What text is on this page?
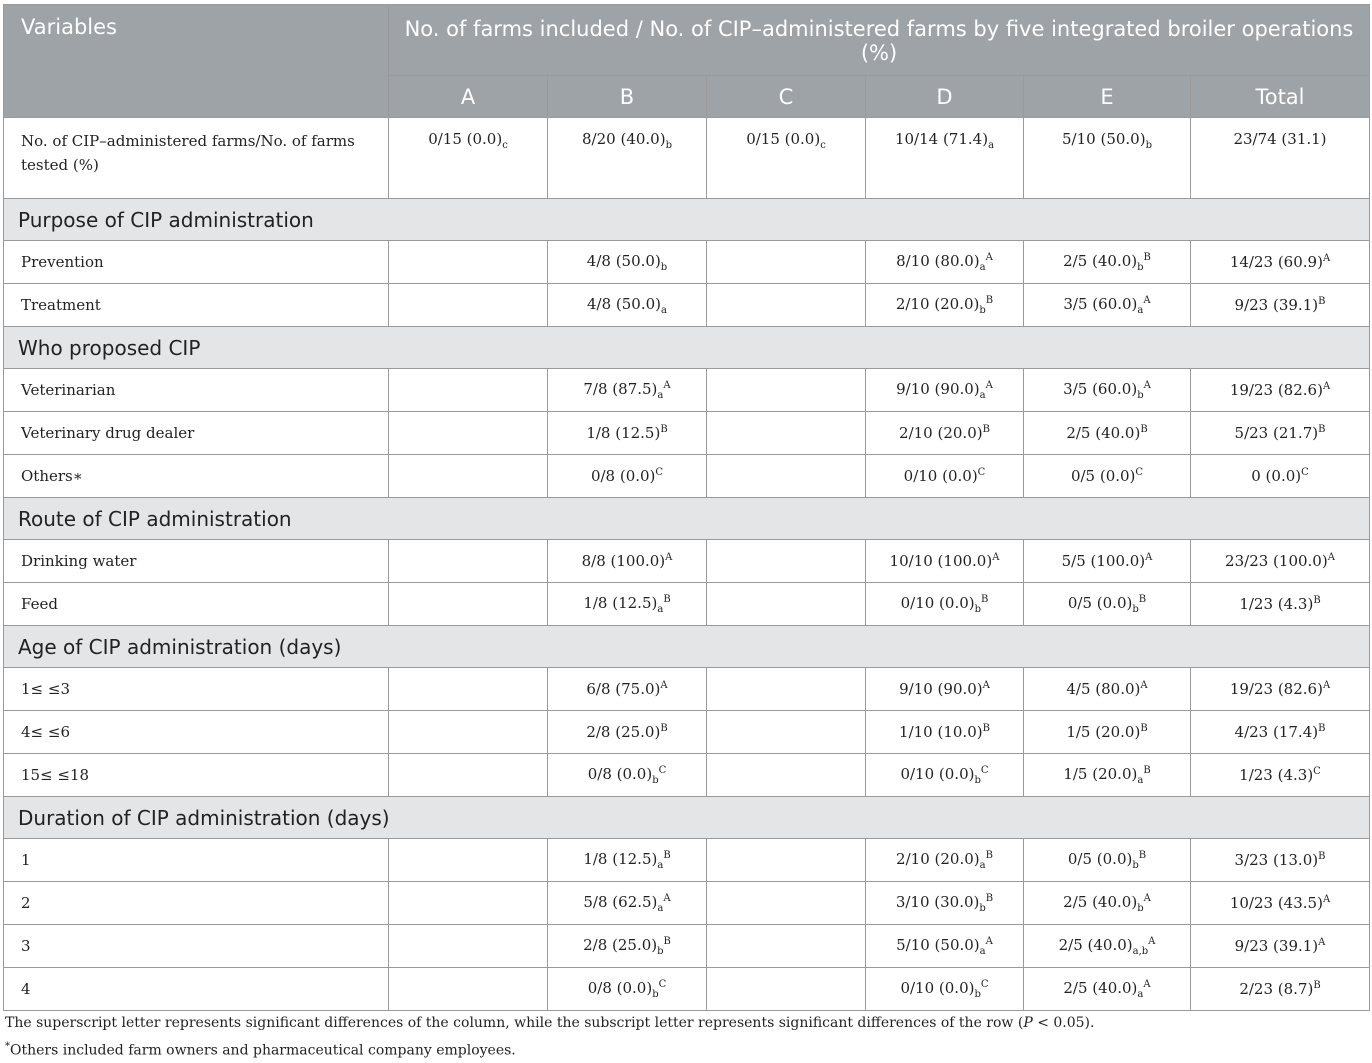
Variables	No. of farms included / No. of CIP–administered farms by five integrated broiler operations (%)					
	A	B	C	D	E	Total
No. of CIP–administered farms/No. of farms tested (%)	0/15 $(0.0)_c$	8/20 $(40.0)_b$	0/15 $(0.0)_c$	10/14 $(71.4)_a$	5/10 $(50.0)_b$	23/74 (31.1)
Purpose of CIP administration						
Prevention		4/8 $(50.0)_b$		8/10 $(80.0)_a^A$	2/5 $(40.0)_b^B$	14/23 $(60.9)^A$
Treatment		4/8 $(50.0)_a$		2/10 $(20.0)_b^B$	3/5 $(60.0)_a^A$	9/23 $(39.1)^B$
Who proposed CIP						
Veterinarian		7/8 $(87.5)_a^A$		9/10 $(90.0)_a^A$	3/5 $(60.0)_b^A$	19/23 $(82.6)^A$
Veterinary drug dealer		1/8 $(12.5)^B$		2/10 $(20.0)^B$	2/5 $(40.0)^B$	5/23 $(21.7)^B$
Others∗		0/8 $(0.0)^C$		0/10 $(0.0)^C$	0/5 $(0.0)^C$	0 $(0.0)^C$
Route of CIP administration						
Drinking water		8/8 $(100.0)^A$		10/10 $(100.0)^A$	5/5 $(100.0)^A$	23/23 $(100.0)^A$
Feed		1/8 $(12.5)_a^B$		0/10 $(0.0)_b^B$	0/5 $(0.0)_b^B$	1/23 $(4.3)^B$
Age of CIP administration (days)						
1≤ ≤3		6/8 $(75.0)^A$		9/10 $(90.0)^A$	4/5 $(80.0)^A$	19/23 $(82.6)^A$
4≤ ≤6		2/8 $(25.0)^B$		1/10 $(10.0)^B$	1/5 $(20.0)^B$	4/23 $(17.4)^B$
15≤ ≤18		0/8 $(0.0)_b^C$		0/10 $(0.0)_b^C$	1/5 $(20.0)_a^B$	1/23 $(4.3)^C$
Duration of CIP administration (days)						
1		1/8 $(12.5)_a^B$		2/10 $(20.0)_a^B$	0/5 $(0.0)_b^B$	3/23 $(13.0)^B$
2		5/8 $(62.5)_a^A$		3/10 $(30.0)_b^B$	2/5 $(40.0)_b^A$	10/23 $(43.5)^A$
3		2/8 $(25.0)_b^B$		5/10 $(50.0)_a^A$	2/5 $(40.0)_{a,b}^A$	9/23 $(39.1)^A$
4		0/8 $(0.0)_b^C$		0/10 $(0.0)_b^C$	2/5 $(40.0)_a^A$	2/23 $(8.7)^B$
The superscript letter represents significant differences of the column, while the subscript letter represents significant differences of the row (P < 0.05).
*Others included farm owners and pharmaceutical company employees.
